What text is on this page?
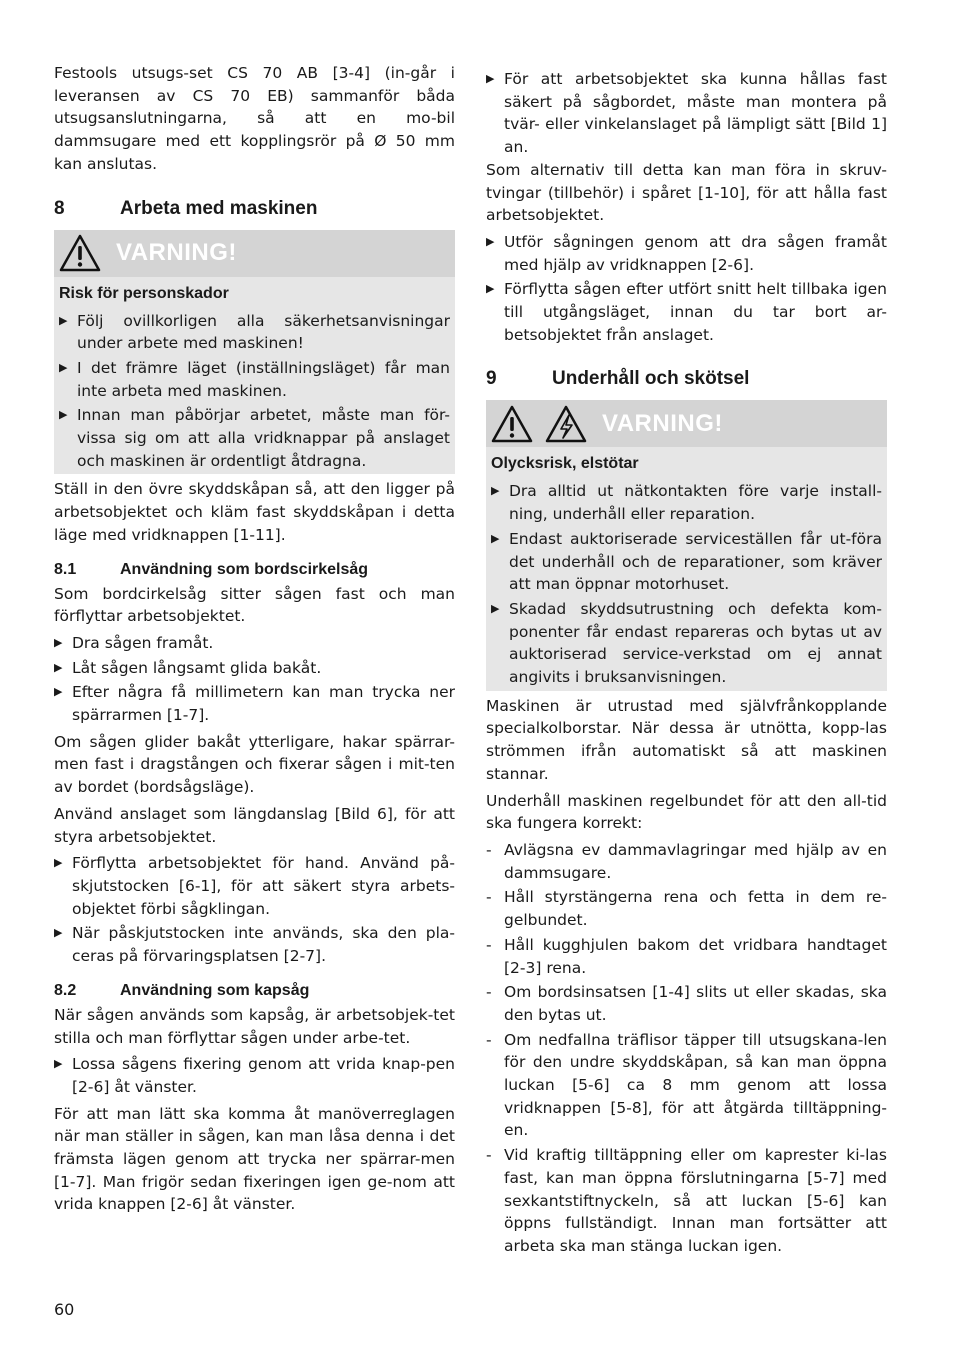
Festools utsugs-set CS 70 AB [3-4] (in-går i leveransen av CS 70 EB) sammanför båda utsugsanslutningarna, så att en mo-bil dammsugare med ett kopplingsrör på Ø 50 mm kan anslutas.

8	Arbeta med maskinen
VARNING!
Risk för personskador
▶ Följ ovillkorligen alla säkerhetsanvisningar under arbete med maskinen!
▶ I det främre läget (inställningsläget) får man inte arbeta med maskinen.
▶ Innan man påbörjar arbetet, måste man för-vissa sig om att alla vridknappar på anslaget och maskinen är ordentligt åtdragna.

Ställ in den övre skyddskåpan så, att den ligger på arbetsobjektet och kläm fast skyddskåpan i detta läge med vridknappen [1-11].

8.1	Användning som bordscirkelsåg

Som bordcirkelsåg sitter sågen fast och man förflyttar arbetsobjektet.

▶ Dra sågen framåt.
▶ Låt sågen långsamt glida bakåt.
▶ Efter några få millimetern kan man trycka ner spärrarmen [1-7].

Om sågen glider bakåt ytterligare, hakar spärrar-men fast i dragstången och fixerar sågen i mit-ten av bordet (bordsågsläge).

Använd anslaget som längdanslag [Bild 6], för att styra arbetsobjektet.

▶ Förflytta arbetsobjektet för hand. Använd på-skjutstocken [6-1], för att säkert styra arbets-objektet förbi sågklingan.
▶ När påskjutstocken inte används, ska den pla-ceras på förvaringsplatsen [2-7].
8.2	Användning som kapsåg

När sågen används som kapsåg, är arbetsobjek-tet stilla och man förflyttar sågen under arbe-tet.

▶ Lossa sågens fixering genom att vrida knap-pen [2-6] åt vänster.

För att man lätt ska komma åt manöverreglagen när man ställer in sågen, kan man låsa denna i det främsta lägen genom att trycka ner spärrar-men [1-7]. Man frigör sedan fixeringen igen ge-nom att vrida knappen [2-6] åt vänster.

▶ För att arbetsobjektet ska kunna hållas fast säkert på sågbordet, måste man montera på tvär- eller vinkelanslaget på lämpligt sätt [Bild 1] an.

Som alternativ till detta kan man föra in skruv-tvingar (tillbehör) i spåret [1-10], för att hålla fast arbetsobjektet.

▶ Utför sågningen genom att dra sågen framåt med hjälp av vridknappen [2-6].
▶ Förflytta sågen efter utfört snitt helt tillbaka igen till utgångsläget, innan du tar bort ar-betsobjektet från anslaget.
9	Underhåll och skötsel
VARNING!
Olycksrisk, elstötar
▶ Dra alltid ut nätkontakten före varje install-ning, underhåll eller reparation.
▶ Endast auktoriserade serviceställen får ut-föra det underhåll och de reparationer, som kräver att man öppnar motorhuset.
▶ Skadad skyddsutrustning och defekta kom-ponenter får endast repareras och bytas ut av auktoriserad service-verkstad om ej annat angivits i bruksanvisningen.

Maskinen är utrustad med självfrånkopplande specialkolborstar. När dessa är utnötta, kopp-las strömmen ifrån automatiskt så att maskinen stannar.

Underhåll maskinen regelbundet för att den all-tid ska fungera korrekt:

- Avlägsna ev dammavlagringar med hjälp av en dammsugare.
- Håll styrstängerna rena och fetta in dem re-gelbundet.
- Håll kugghjulen bakom det vridbara handtaget [2-3] rena.
- Om bordsinsatsen [1-4] slits ut eller skadas, ska den bytas ut.
- Om nedfallna träflisor täpper till utsugskana-len för den undre skyddskåpan, så kan man öppna luckan [5-6] ca 8 mm genom att lossa vridknappen [5-8], för att åtgärda tilltäppning-en.
- Vid kraftig tilltäppning eller om kaprester ki-las fast, kan man öppna förslutningarna [5-7] med sexkantstiftnyckeln, så att luckan [5-6] kan öppns fullständigt. Innan man fortsätter att arbeta ska man stänga luckan igen.
60
